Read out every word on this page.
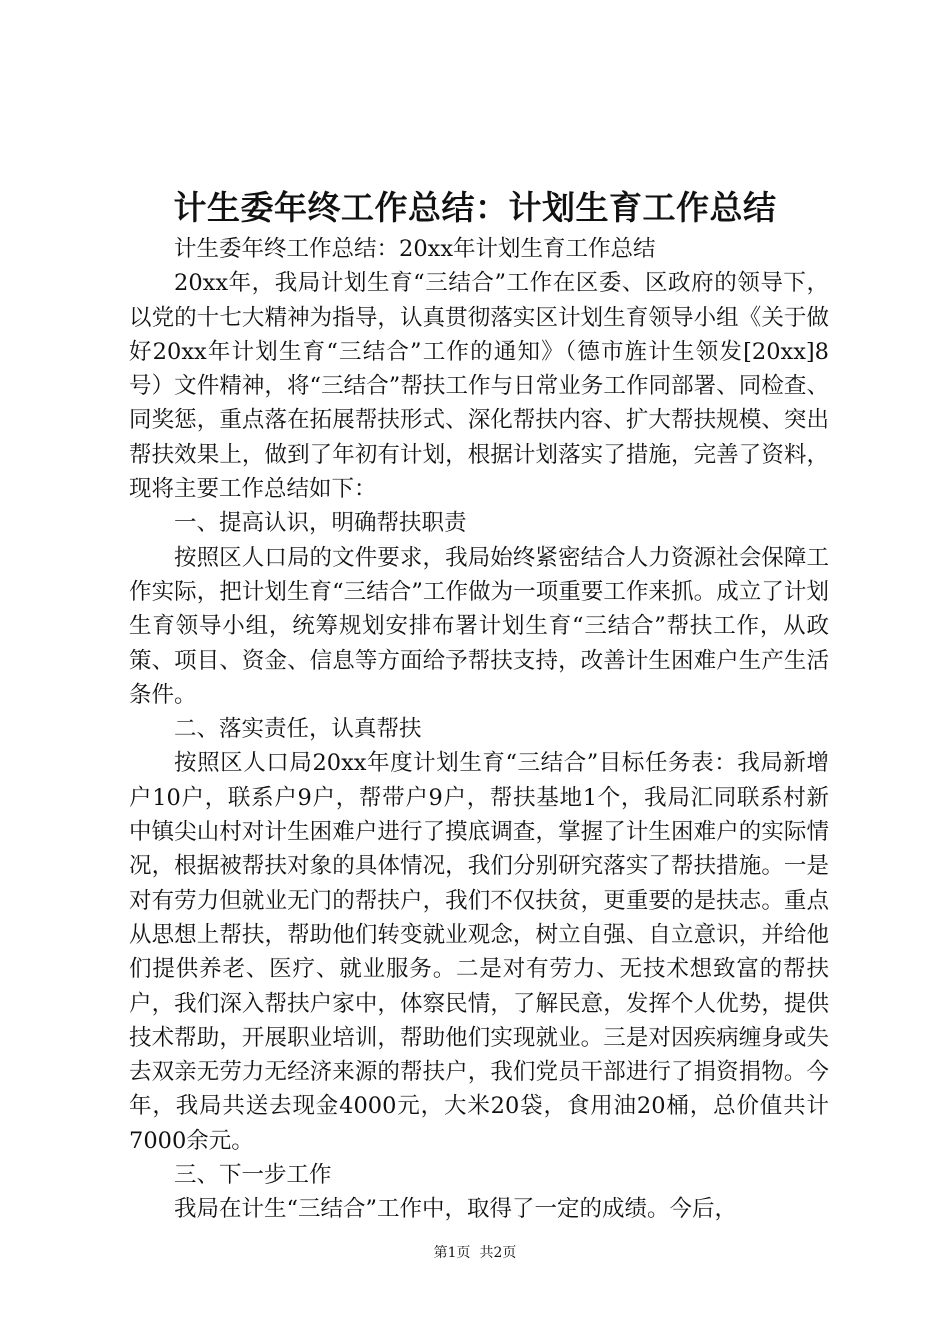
计生委年终工作总结：计划生育工作总结

计生委年终工作总结：20xx年计划生育工作总结

20xx年，我局计划生育“三结合”工作在区委、区政府的领导下，以党的十七大精神为指导，认真贯彻落实区计划生育领导小组《关于做好20xx年计划生育“三结合”工作的通知》（德市旌计生领发[20xx]8号）文件精神，将“三结合”帮扶工作与日常业务工作同部署、同检查、同奖惩，重点落在拓展帮扶形式、深化帮扶内容、扩大帮扶规模、突出帮扶效果上，做到了年初有计划，根据计划落实了措施，完善了资料，现将主要工作总结如下：

一、提高认识，明确帮扶职责

按照区人口局的文件要求，我局始终紧密结合人力资源社会保障工作实际，把计划生育“三结合”工作做为一项重要工作来抓。成立了计划生育领导小组，统筹规划安排布署计划生育“三结合”帮扶工作，从政策、项目、资金、信息等方面给予帮扶支持，改善计生困难户生产生活条件。

二、落实责任，认真帮扶

按照区人口局20xx年度计划生育“三结合”目标任务表：我局新增户10户，联系户9户，帮带户9户，帮扶基地1个，我局汇同联系村新中镇尖山村对计生困难户进行了摸底调查，掌握了计生困难户的实际情况，根据被帮扶对象的具体情况，我们分别研究落实了帮扶措施。一是对有劳力但就业无门的帮扶户，我们不仅扶贫，更重要的是扶志。重点从思想上帮扶，帮助他们转变就业观念，树立自强、自立意识，并给他们提供养老、医疗、就业服务。二是对有劳力、无技术想致富的帮扶户，我们深入帮扶户家中，体察民情，了解民意，发挥个人优势，提供技术帮助，开展职业培训，帮助他们实现就业。三是对因疾病缠身或失去双亲无劳力无经济来源的帮扶户，我们党员干部进行了捐资捐物。今年，我局共送去现金4000元，大米20袋，食用油20桶，总价值共计7000余元。

三、下一步工作

我局在计生“三结合”工作中，取得了一定的成绩。今后，

第1页  共2页
